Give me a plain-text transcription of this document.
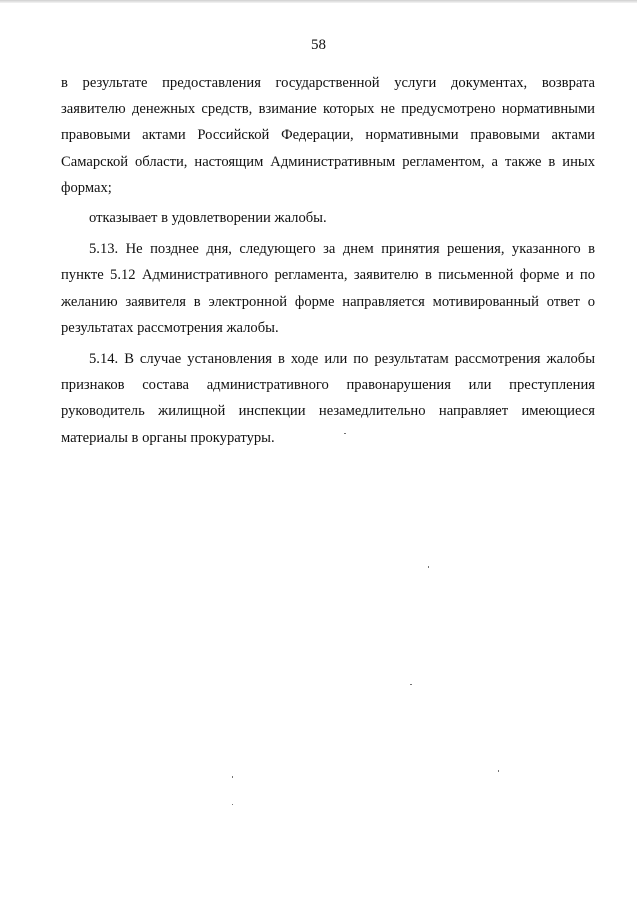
58

в результате предоставления государственной услуги документах, возврата заявителю денежных средств, взимание которых не предусмотрено нормативными правовыми актами Российской Федерации, нормативными правовыми актами Самарской области, настоящим Административным регламентом, а также в иных формах;

отказывает в удовлетворении жалобы.

5.13. Не позднее дня, следующего за днем принятия решения, указанного в пункте 5.12 Административного регламента, заявителю в письменной форме и по желанию заявителя в электронной форме направляется мотивированный ответ о результатах рассмотрения жалобы.

5.14. В случае установления в ходе или по результатам рассмотрения жалобы признаков состава административного правонарушения или преступления руководитель жилищной инспекции незамедлительно направляет имеющиеся материалы в органы прокуратуры.
